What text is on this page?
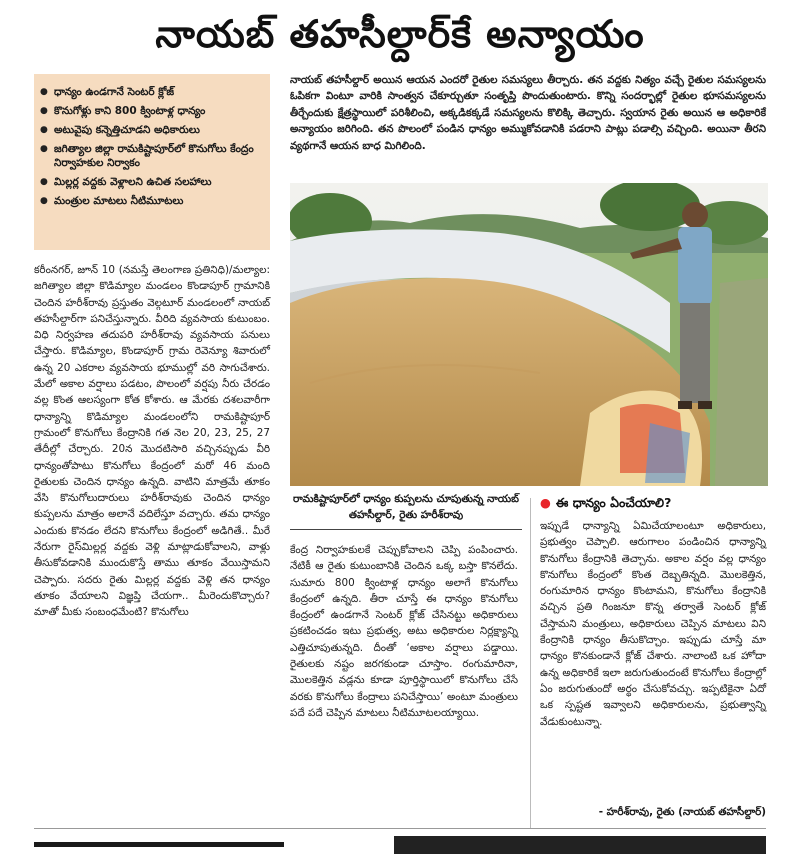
నాయబ్ తహసీల్దార్‌కే అన్యాయం
● ధాన్యం ఉండగానే సెంటర్ క్లోజ్
● కొనుగోళ్లు కాని 800 క్వింటాళ్ల ధాన్యం
● అటువైపు కన్నెత్తిచూడని అధికారులు
● జగిత్యాల జిల్లా రామకిష్టాపూర్‌లో కొనుగోలు కేంద్రం నిర్వాహకుల నిర్వాకం
● మిల్లర్ల వద్దకు వెళ్లాలని ఉచిత సలహాలు
● మంత్రుల మాటలు నీటిమూటలు
నాయబ్ తహసీల్దార్ అయిన ఆయన ఎందరో రైతుల సమస్యలు తీర్చారు. తన వద్దకు నిత్యం వచ్చే రైతుల సమస్యలను ఓపికగా వింటూ వారికి సాంత్వన చేకూర్చుతూ సంతృప్తి పొందుతుంటారు. కొన్ని సందర్భాల్లో రైతుల భూసమస్యలను తీర్చేందుకు క్షేత్రస్థాయిలో పరిశీలించి, అక్కడికక్కడే సమస్యలను కొలిక్కి తెచ్చారు. స్వయాన రైతు అయిన ఆ అధికారికే అన్యాయం జరిగింది. తన పొలంలో పండిన ధాన్యం అమ్ముకోవడానికి పడరాని పాట్లు పడాల్సి వచ్చింది. అయినా తీరని వ్యథగానే ఆయన బాధ మిగిలింది.
రామకిష్టాపూర్‌లో ధాన్యం కుప్పలను చూపుతున్న నాయబ్ తహసీల్దార్, రైతు హరీశ్‌రావు

కరీంనగర్, జూన్ 10 (నమస్తే తెలంగాణ ప్రతినిధి)/మల్యాల: జగిత్యాల జిల్లా కొడిమ్యాల మండలం కొండాపూర్ గ్రామానికి చెందిన హరీశ్‌రావు ప్రస్తుతం వెల్గటూర్ మండలంలో నాయబ్ తహసీల్దార్‌గా పనిచేస్తున్నారు. వీరిది వ్యవసాయ కుటుంబం. విధి నిర్వహణ తదుపరి హరీశ్‌రావు వ్యవసాయ పనులు చేస్తారు. కొడిమ్యాల, కొండాపూర్ గ్రామ రెవెన్యూ శివారులో ఉన్న 20 ఎకరాల వ్యవసాయ భూముల్లో వరి సాగుచేశారు. మేలో అకాల వర్షాలు పడటం, పొలంలో వర్షపు నీరు చేరడం వల్ల కొంత ఆలస్యంగా కోత కోశారు. ఆ మేరకు దశలవారీగా ధాన్యాన్ని కొడిమ్యాల మండలంలోని రామకిష్టాపూర్ గ్రామంలో కొనుగోలు కేంద్రానికి గత నెల 20, 23, 25, 27 తేదీల్లో చేర్చారు. 20న మొదటిసారి వచ్చినప్పుడు వీరి ధాన్యంతోపాటు కొనుగోలు కేంద్రంలో మరో 46 మంది రైతులకు చెందిన ధాన్యం ఉన్నది. వాటిని మాత్రమే తూకం వేసి కొనుగోలుదారులు హరీశ్‌రావుకు చెందిన ధాన్యం కుప్పలను మాత్రం అలానే వదిలేస్తూ వచ్చారు. తమ ధాన్యం ఎందుకు కొనడం లేదని కొనుగోలు కేంద్రంలో అడిగితే.. మీరే నేరుగా రైస్‌మిల్లర్ల వద్దకు వెళ్లి మాట్లాడుకోవాలని, వాళ్లు తీసుకోవడానికి ముందుకొస్తే తాము తూకం వేయిస్తామని చెప్పారు. సదరు రైతు మిల్లర్ల వద్దకు వెళ్లి తన ధాన్యం తూకం వేయాలని విజ్ఞప్తి చేయగా.. మీరెందుకొచ్చారు? మాతో మీకు సంబంధమేంటి? కొనుగోలు

కేంద్ర నిర్వాహకులకే చెప్పుకోవాలని చెప్పి పంపించారు. నేటికీ ఆ రైతు కుటుంబానికి చెందిన ఒక్క బస్తా కొనలేదు. సుమారు 800 క్వింటాళ్ల ధాన్యం అలాగే కొనుగోలు కేంద్రంలో ఉన్నది. తీరా చూస్తే ఈ ధాన్యం కొనుగోలు కేంద్రంలో ఉండగానే సెంటర్ క్లోజ్ చేసినట్టు అధికారులు ప్రకటించడం ఇటు ప్రభుత్వ, అటు అధికారుల నిర్లక్ష్యాన్ని ఎత్తిచూపుతున్నది. దీంతో ‘అకాల వర్షాలు పడ్డాయి. రైతులకు నష్టం జరగకుండా చూస్తాం. రంగుమారినా, మొలకెత్తిన వడ్లను కూడా పూర్తిస్థాయిలో కొనుగోలు చేసే వరకు కొనుగోలు కేంద్రాలు పనిచేస్తాయి’ అంటూ మంత్రులు పదే పదే చెప్పిన మాటలు నీటిమూటలయ్యాయి.

● ఈ ధాన్యం ఏంచేయాలి?

ఇప్పుడే ధాన్యాన్ని ఏమిచేయాలంటూ అధికారులు, ప్రభుత్వం చెప్పాలి. ఆరుగాలం పండించిన ధాన్యాన్ని కొనుగోలు కేంద్రానికి తెచ్చాను. అకాల వర్షం వల్ల ధాన్యం కొనుగోలు కేంద్రంలో కొంత దెబ్బతిన్నది. మొలకెత్తిన, రంగుమారిన ధాన్యం కొంటామని, కొనుగోలు కేంద్రానికి వచ్చిన ప్రతి గింజనూ కొన్న తర్వాతే సెంటర్ క్లోజ్ చేస్తామని మంత్రులు, అధికారులు చెప్పిన మాటలు విని కేంద్రానికి ధాన్యం తీసుకొచ్చాం. ఇప్పుడు చూస్తే మా ధాన్యం కొనకుండానే క్లోజ్ చేశారు. నాలాంటి ఒక హోదా ఉన్న అధికారికే ఇలా జరుగుతుందంటే కొనుగోలు కేంద్రాల్లో ఏం జరుగుతుందో అర్థం చేసుకోవచ్చు. ఇప్పటికైనా ఏదో ఒక స్పష్టత ఇవ్వాలని అధికారులను, ప్రభుత్వాన్ని వేడుకుంటున్నా.

- హరీశ్‌రావు, రైతు (నాయబ్ తహసీల్దార్)
